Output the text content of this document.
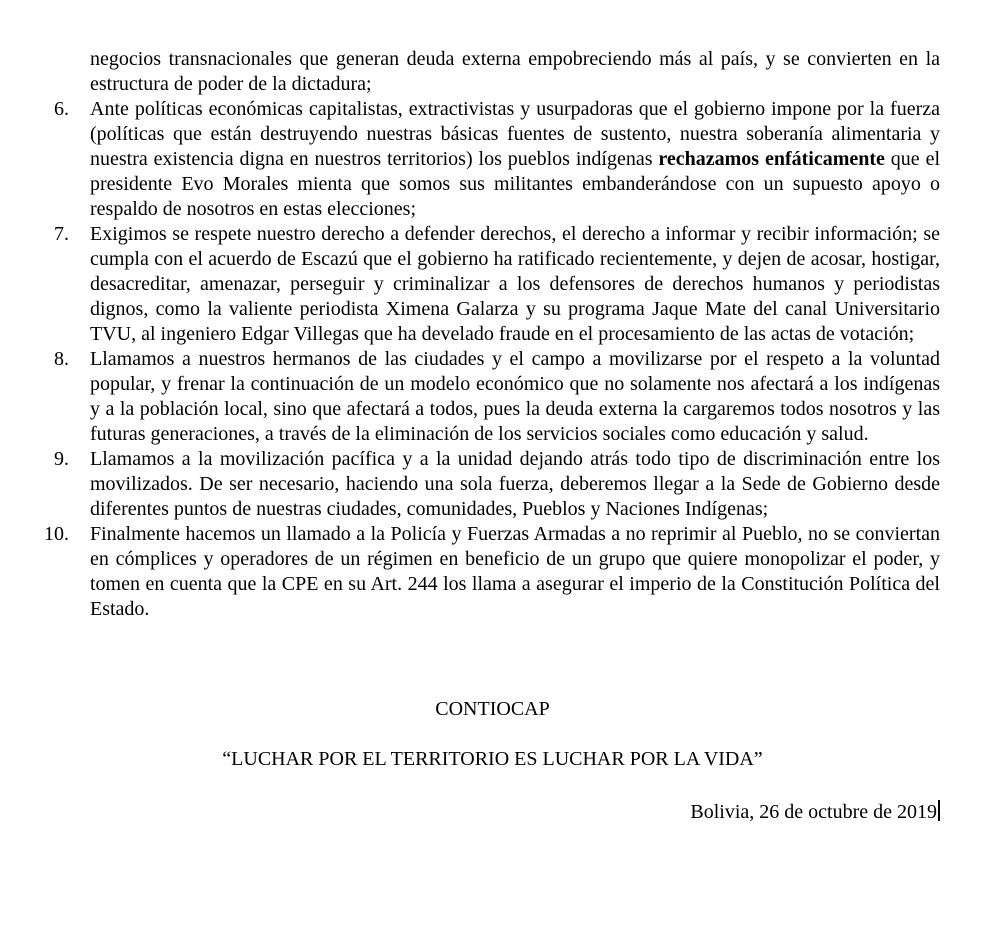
negocios transnacionales que generan deuda externa empobreciendo más al país, y se convierten en la estructura de poder de la dictadura;

6. Ante políticas económicas capitalistas, extractivistas y usurpadoras que el gobierno impone por la fuerza (políticas que están destruyendo nuestras básicas fuentes de sustento, nuestra soberanía alimentaria y nuestra existencia digna en nuestros territorios) los pueblos indígenas rechazamos enfáticamente que el presidente Evo Morales mienta que somos sus militantes embanderándose con un supuesto apoyo o respaldo de nosotros en estas elecciones;
7. Exigimos se respete nuestro derecho a defender derechos, el derecho a informar y recibir información; se cumpla con el acuerdo de Escazú que el gobierno ha ratificado recientemente, y dejen de acosar, hostigar, desacreditar, amenazar, perseguir y criminalizar a los defensores de derechos humanos y periodistas dignos, como la valiente periodista Ximena Galarza y su programa Jaque Mate del canal Universitario TVU, al ingeniero Edgar Villegas que ha develado fraude en el procesamiento de las actas de votación;
8. Llamamos a nuestros hermanos de las ciudades y el campo a movilizarse por el respeto a la voluntad popular, y frenar la continuación de un modelo económico que no solamente nos afectará a los indígenas y a la población local, sino que afectará a todos, pues la deuda externa la cargaremos todos nosotros y las futuras generaciones, a través de la eliminación de los servicios sociales como educación y salud.
9. Llamamos a la movilización pacífica y a la unidad dejando atrás todo tipo de discriminación entre los movilizados. De ser necesario, haciendo una sola fuerza, deberemos llegar a la Sede de Gobierno desde diferentes puntos de nuestras ciudades, comunidades, Pueblos y Naciones Indígenas;
10. Finalmente hacemos un llamado a la Policía y Fuerzas Armadas a no reprimir al Pueblo, no se conviertan en cómplices y operadores de un régimen en beneficio de un grupo que quiere monopolizar el poder, y tomen en cuenta que la CPE en su Art. 244 los llama a asegurar el imperio de la Constitución Política del Estado.

CONTIOCAP

“LUCHAR POR EL TERRITORIO ES LUCHAR POR LA VIDA”

Bolivia, 26 de octubre de 2019
